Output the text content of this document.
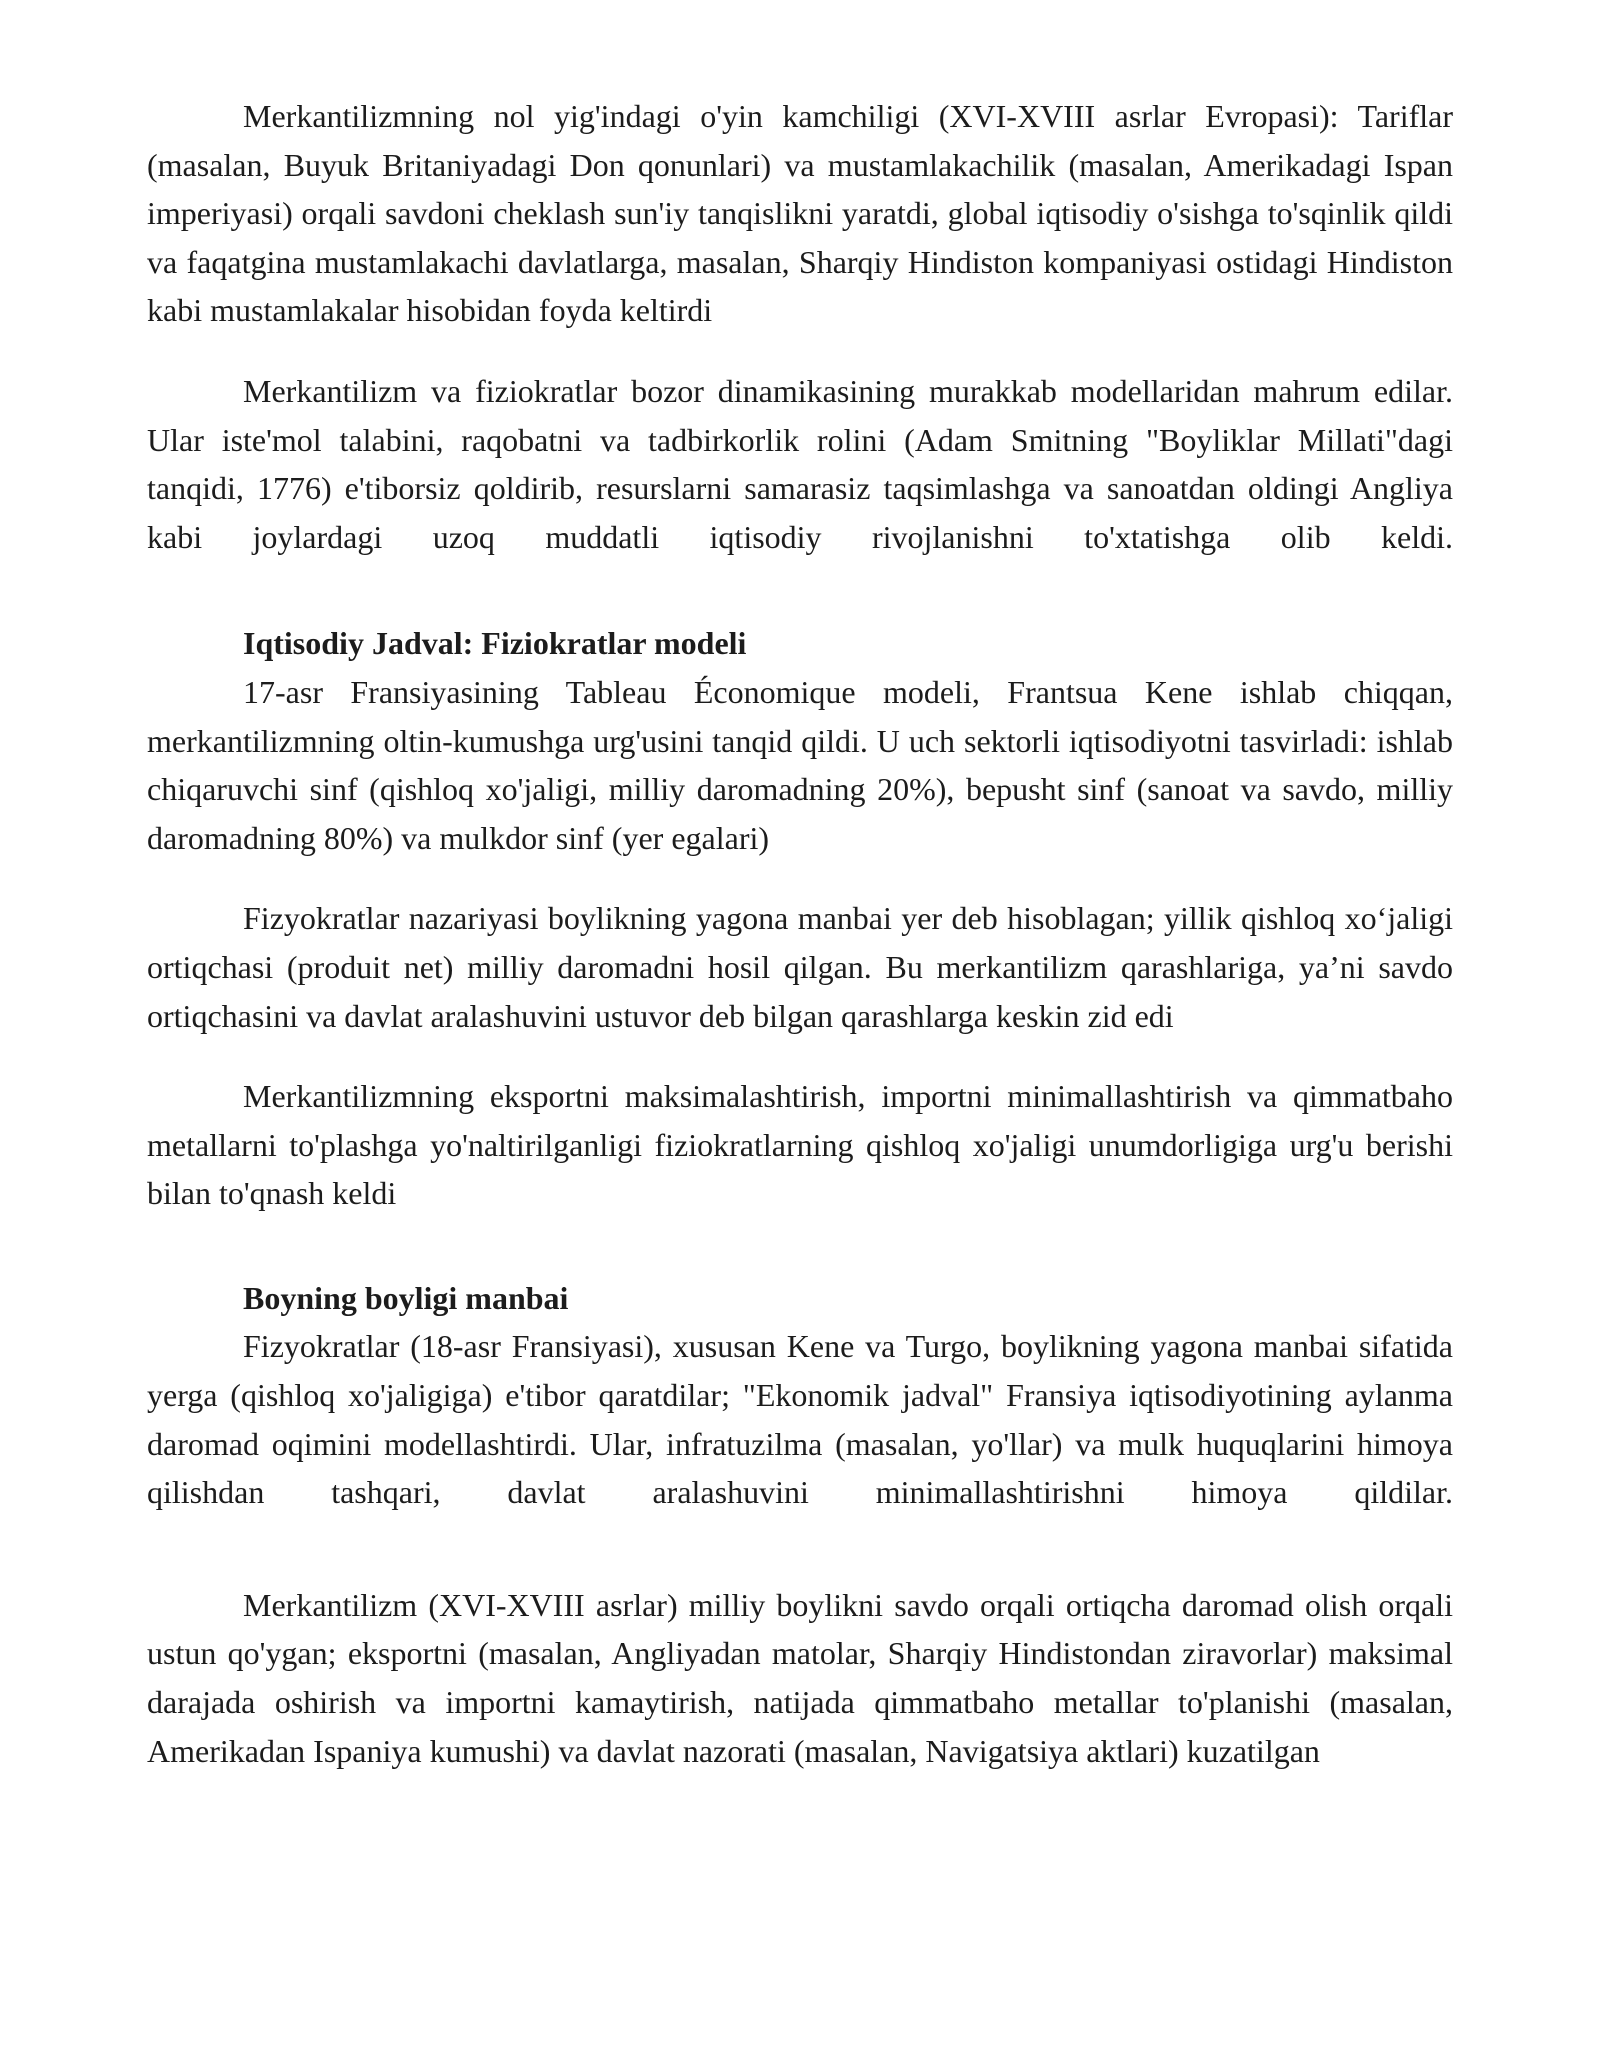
Merkantilizmning nol yig'indagi o'yin kamchiligi (XVI-XVIII asrlar Evropasi): Tariflar (masalan, Buyuk Britaniyadagi Don qonunlari) va mustamlakachilik (masalan, Amerikadagi Ispan imperiyasi) orqali savdoni cheklash sun'iy tanqislikni yaratdi, global iqtisodiy o'sishga to'sqinlik qildi va faqatgina mustamlakachi davlatlarga, masalan, Sharqiy Hindiston kompaniyasi ostidagi Hindiston kabi mustamlakalar hisobidan foyda keltirdi

Merkantilizm va fiziokratlar bozor dinamikasining murakkab modellaridan mahrum edilar. Ular iste'mol talabini, raqobatni va tadbirkorlik rolini (Adam Smitning "Boyliklar Millati"dagi tanqidi, 1776) e'tiborsiz qoldirib, resurslarni samarasiz taqsimlashga va sanoatdan oldingi Angliya kabi joylardagi uzoq muddatli iqtisodiy rivojlanishni to'xtatishga olib keldi.

Iqtisodiy Jadval: Fiziokratlar modeli

17-asr Fransiyasining Tableau Économique modeli, Frantsua Kene ishlab chiqqan, merkantilizmning oltin-kumushga urg'usini tanqid qildi. U uch sektorli iqtisodiyotni tasvirladi: ishlab chiqaruvchi sinf (qishloq xo'jaligi, milliy daromadning 20%), bepusht sinf (sanoat va savdo, milliy daromadning 80%) va mulkdor sinf (yer egalari)

Fizyokratlar nazariyasi boylikning yagona manbai yer deb hisoblagan; yillik qishloq xo‘jaligi ortiqchasi (produit net) milliy daromadni hosil qilgan. Bu merkantilizm qarashlariga, ya’ni savdo ortiqchasini va davlat aralashuvini ustuvor deb bilgan qarashlarga keskin zid edi

Merkantilizmning eksportni maksimalashtirish, importni minimallashtirish va qimmatbaho metallarni to'plashga yo'naltirilganligi fiziokratlarning qishloq xo'jaligi unumdorligiga urg'u berishi bilan to'qnash keldi

Boyning boyligi manbai

Fizyokratlar (18-asr Fransiyasi), xususan Kene va Turgo, boylikning yagona manbai sifatida yerga (qishloq xo'jaligiga) e'tibor qaratdilar; "Ekonomik jadval" Fransiya iqtisodiyotining aylanma daromad oqimini modellashtirdi. Ular, infratuzilma (masalan, yo'llar) va mulk huquqlarini himoya qilishdan tashqari, davlat aralashuvini minimallashtirishni himoya qildilar.

Merkantilizm (XVI-XVIII asrlar) milliy boylikni savdo orqali ortiqcha daromad olish orqali ustun qo'ygan; eksportni (masalan, Angliyadan matolar, Sharqiy Hindistondan ziravorlar) maksimal darajada oshirish va importni kamaytirish, natijada qimmatbaho metallar to'planishi (masalan, Amerikadan Ispaniya kumushi) va davlat nazorati (masalan, Navigatsiya aktlari) kuzatilgan
